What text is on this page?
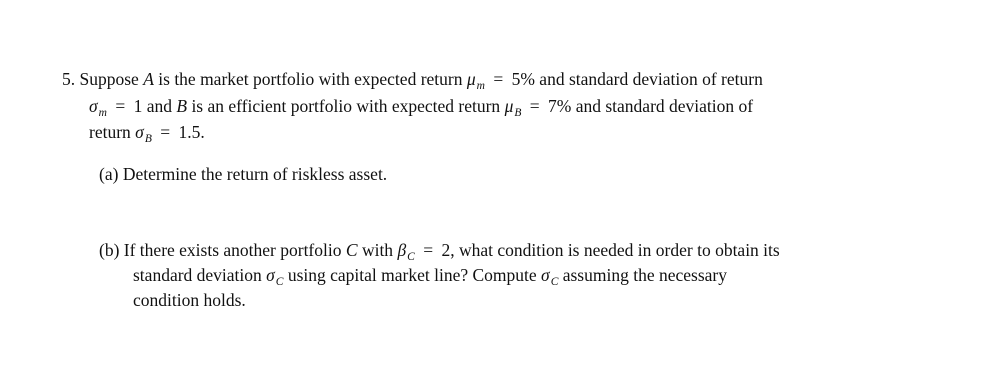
5. Suppose A is the market portfolio with expected return $\mu_m = 5\%$ and standard deviation of return
$\sigma_m = 1$ and B is an efficient portfolio with expected return $\mu_B = 7\%$ and standard deviation of
return $\sigma_B = 1.5$.
(a) Determine the return of riskless asset.
(b) If there exists another portfolio C with $\beta_C = 2$, what condition is needed in order to obtain its
standard deviation $\sigma_C$ using capital market line? Compute $\sigma_C$ assuming the necessary
condition holds.
